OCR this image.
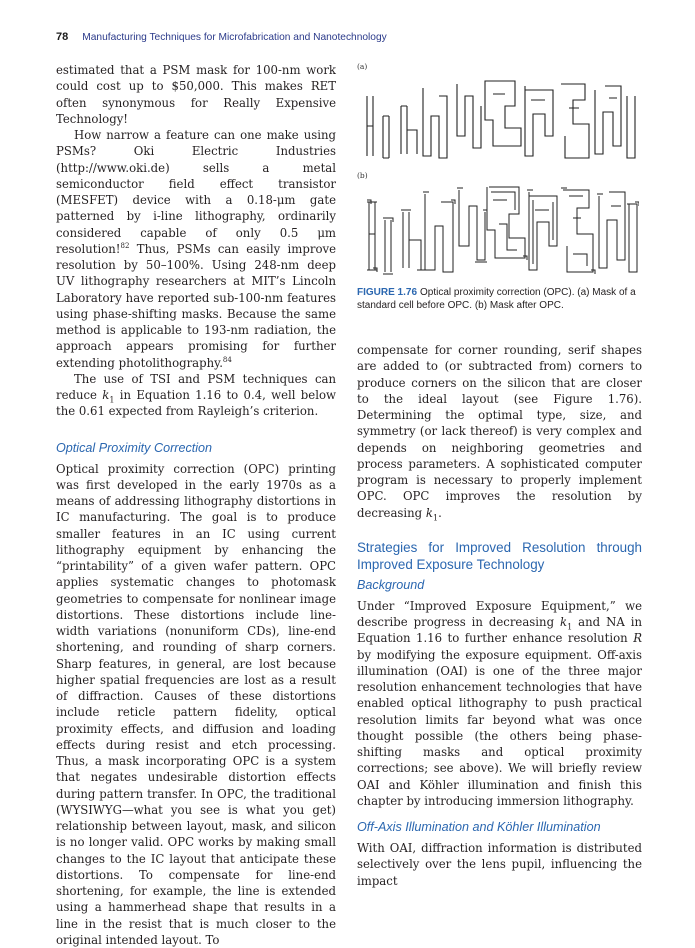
78 Manufacturing Techniques for Microfabrication and Nanotechnology

estimated that a PSM mask for 100-nm work could cost up to $50,000. This makes RET often synonymous for Really Expensive Technology!

How narrow a feature can one make using PSMs? Oki Electric Industries (http://www.oki.de) sells a metal semiconductor field effect transistor (MESFET) device with a 0.18-μm gate patterned by i-line lithography, ordinarily considered capable of only 0.5 μm resolution!$^{82}$ Thus, PSMs can easily improve resolution by 50–100%. Using 248-nm deep UV lithography researchers at MIT’s Lincoln Laboratory have reported sub-100-nm features using phase-shifting masks. Because the same method is applicable to 193-nm radiation, the approach appears promising for further extending photolithography.$^{84}$

The use of TSI and PSM techniques can reduce $k_1$ in Equation 1.16 to 0.4, well below the 0.61 expected from Rayleigh’s criterion.

Optical Proximity Correction

Optical proximity correction (OPC) printing was first developed in the early 1970s as a means of addressing lithography distortions in IC manufacturing. The goal is to produce smaller features in an IC using current lithography equipment by enhancing the “printability” of a given wafer pattern. OPC applies systematic changes to photomask geometries to compensate for nonlinear image distortions. These distortions include line-width variations (nonuniform CDs), line-end shortening, and rounding of sharp corners. Sharp features, in general, are lost because higher spatial frequencies are lost as a result of diffraction. Causes of these distortions include reticle pattern fidelity, optical proximity effects, and diffusion and loading effects during resist and etch processing. Thus, a mask incorporating OPC is a system that negates undesirable distortion effects during pattern transfer. In OPC, the traditional (WYSIWYG—what you see is what you get) relationship between layout, mask, and silicon is no longer valid. OPC works by making small changes to the IC layout that anticipate these distortions. To compensate for line-end shortening, for example, the line is extended using a hammerhead shape that results in a line in the resist that is much closer to the original intended layout. To

(a)
(b)
FIGURE 1.76 Optical proximity correction (OPC). (a) Mask of a standard cell before OPC. (b) Mask after OPC.

compensate for corner rounding, serif shapes are added to (or subtracted from) corners to produce corners on the silicon that are closer to the ideal layout (see Figure 1.76). Determining the optimal type, size, and symmetry (or lack thereof) is very complex and depends on neighboring geometries and process parameters. A sophisticated computer program is necessary to properly implement OPC. OPC improves the resolution by decreasing $k_1$.

Strategies for Improved Resolution through Improved Exposure Technology
Background

Under “Improved Exposure Equipment,” we describe progress in decreasing $k_1$ and NA in Equation 1.16 to further enhance resolution R by modifying the exposure equipment. Off-axis illumination (OAI) is one of the three major resolution enhancement technologies that have enabled optical lithography to push practical resolution limits far beyond what was once thought possible (the others being phase-shifting masks and optical proximity corrections; see above). We will briefly review OAI and Köhler illumination and finish this chapter by introducing immersion lithography.

Off-Axis Illumination and Köhler Illumination

With OAI, diffraction information is distributed selectively over the lens pupil, influencing the impact
